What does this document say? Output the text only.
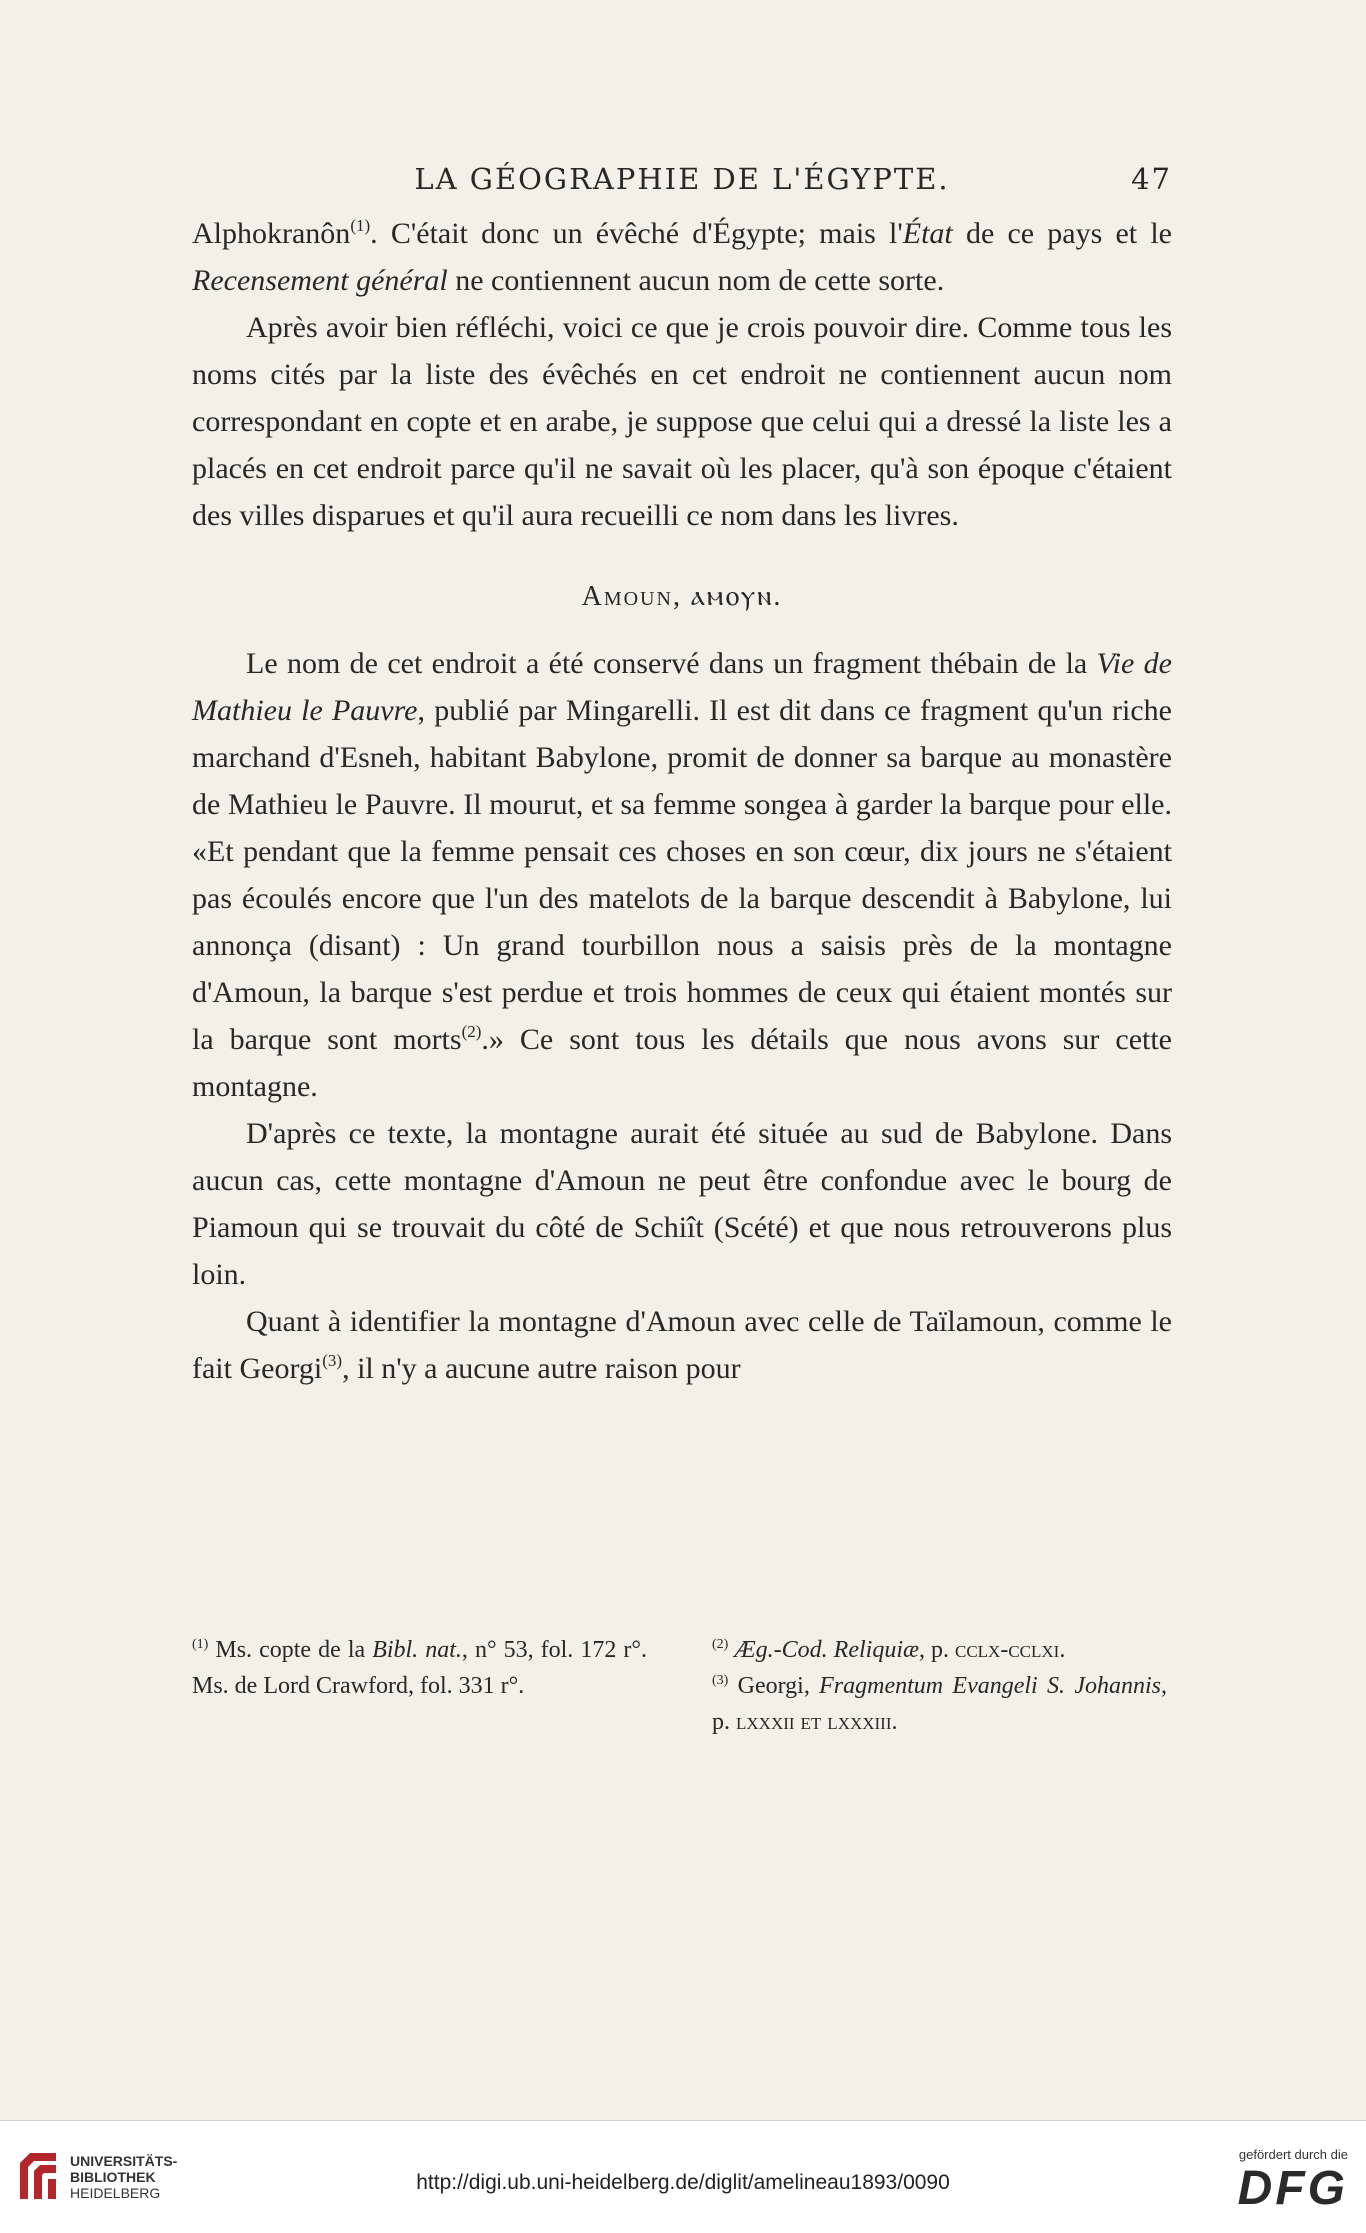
LA GÉOGRAPHIE DE L'ÉGYPTE.	47

Alphokranôn$^{(1)}$. C'était donc un évêché d'Égypte; mais l'État de ce pays et le Recensement général ne contiennent aucun nom de cette sorte.

Après avoir bien réfléchi, voici ce que je crois pouvoir dire. Comme tous les noms cités par la liste des évêchés en cet endroit ne contiennent aucun nom correspondant en copte et en arabe, je suppose que celui qui a dressé la liste les a placés en cet endroit parce qu'il ne savait où les placer, qu'à son époque c'étaient des villes disparues et qu'il aura recueilli ce nom dans les livres.

Amoun, ⲁⲙⲟⲩⲛ.

Le nom de cet endroit a été conservé dans un fragment thébain de la Vie de Mathieu le Pauvre, publié par Mingarelli. Il est dit dans ce fragment qu'un riche marchand d'Esneh, habitant Babylone, promit de donner sa barque au monastère de Mathieu le Pauvre. Il mourut, et sa femme songea à garder la barque pour elle. «Et pendant que la femme pensait ces choses en son cœur, dix jours ne s'étaient pas écoulés encore que l'un des matelots de la barque descendit à Babylone, lui annonça (disant) : Un grand tourbillon nous a saisis près de la montagne d'Amoun, la barque s'est perdue et trois hommes de ceux qui étaient montés sur la barque sont morts$^{(2)}$.» Ce sont tous les détails que nous avons sur cette montagne.

D'après ce texte, la montagne aurait été située au sud de Babylone. Dans aucun cas, cette montagne d'Amoun ne peut être confondue avec le bourg de Piamoun qui se trouvait du côté de Schiît (Scété) et que nous retrouverons plus loin.

Quant à identifier la montagne d'Amoun avec celle de Taïlamoun, comme le fait Georgi$^{(3)}$, il n'y a aucune autre raison pour

$^{(1)}$ Ms. copte de la Bibl. nat., n° 53, fol. 172 r°. Ms. de Lord Crawford, fol. 331 r°.

$^{(2)}$ Æg.-Cod. Reliquiæ, p. cclx-cclxi.

$^{(3)}$ Georgi, Fragmentum Evangeli S. Johannis, p. lxxxii et lxxxiii.

UNIVERSITÄTS-
BIBLIOTHEK
HEIDELBERG	http://digi.ub.uni-heidelberg.de/diglit/amelineau1893/0090
gefördert durch die
DFG
